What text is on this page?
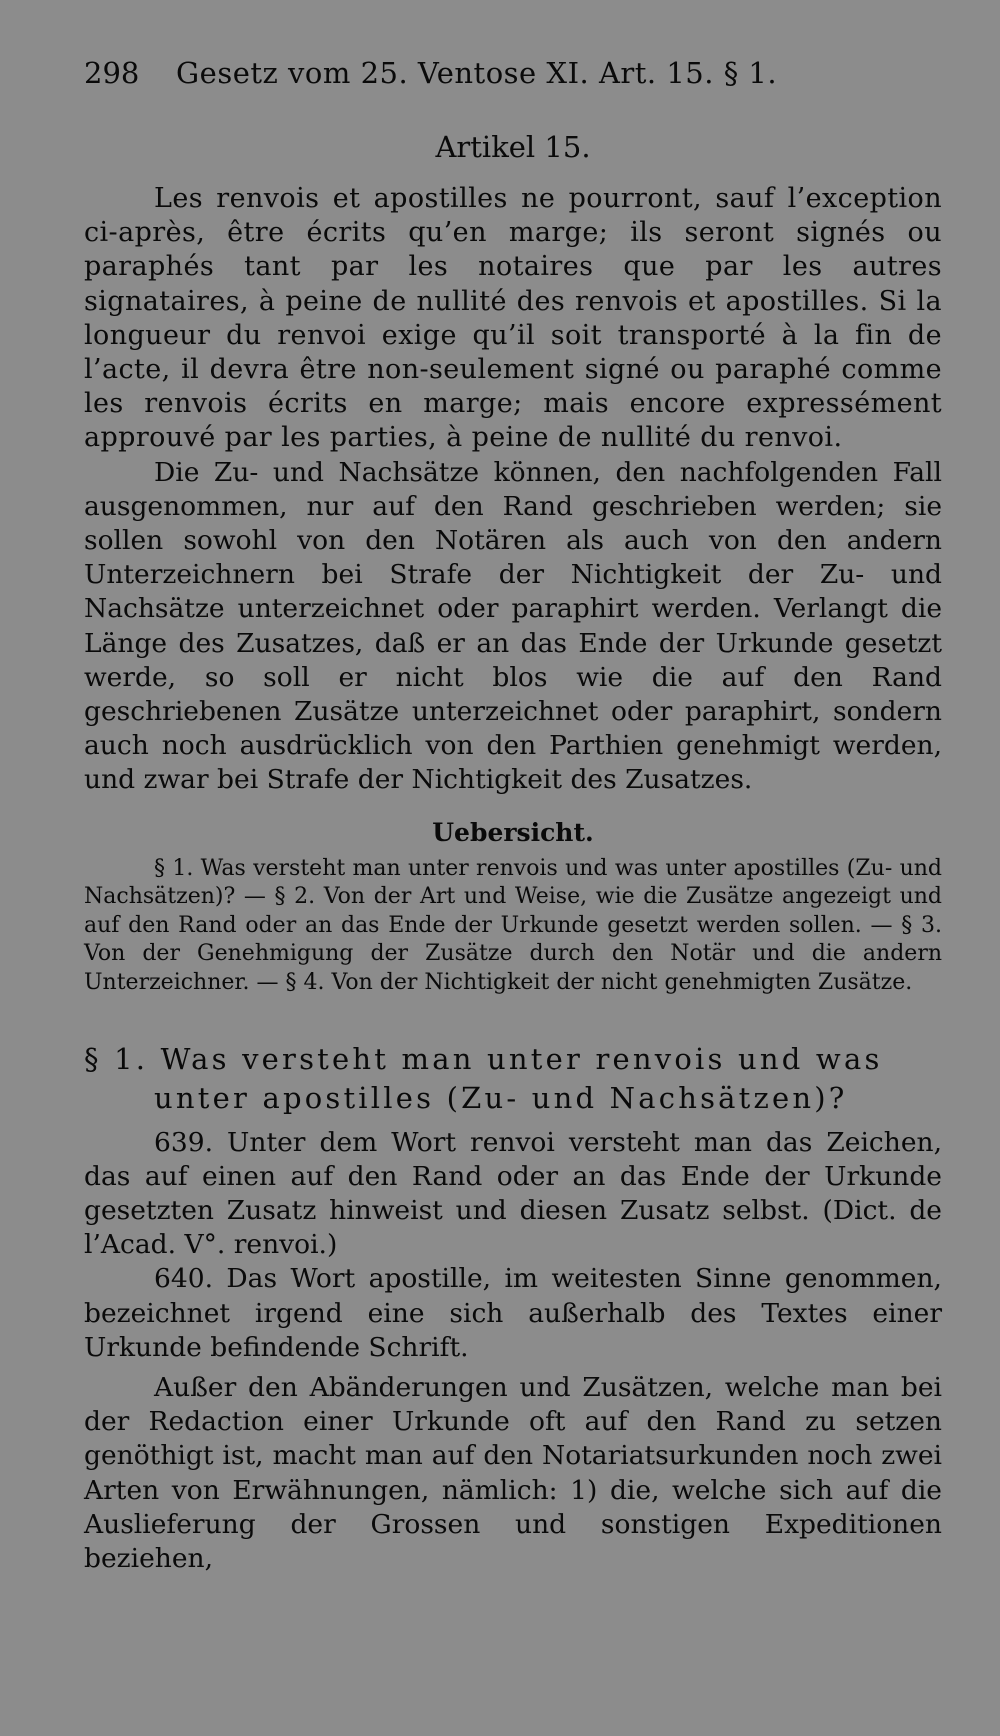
298	Gesetz vom 25. Ventose XI. Art. 15. § 1.
Artikel 15.

Les renvois et apostilles ne pourront, sauf l’exception ci-après, être écrits qu’en marge; ils seront signés ou paraphés tant par les notaires que par les autres signataires, à peine de nullité des renvois et apostilles. Si la longueur du renvoi exige qu’il soit transporté à la fin de l’acte, il devra être non-seulement signé ou paraphé comme les renvois écrits en marge; mais encore expressément approuvé par les parties, à peine de nullité du renvoi.

Die Zu- und Nachsätze können, den nachfolgenden Fall ausgenommen, nur auf den Rand geschrieben werden; sie sollen sowohl von den Notären als auch von den andern Unterzeichnern bei Strafe der Nichtigkeit der Zu- und Nachsätze unterzeichnet oder paraphirt werden. Verlangt die Länge des Zusatzes, daß er an das Ende der Urkunde gesetzt werde, so soll er nicht blos wie die auf den Rand geschriebenen Zusätze unterzeichnet oder paraphirt, sondern auch noch ausdrücklich von den Parthien genehmigt werden, und zwar bei Strafe der Nichtigkeit des Zusatzes.

Uebersicht.

§ 1. Was versteht man unter renvois und was unter apostilles (Zu- und Nachsätzen)? — § 2. Von der Art und Weise, wie die Zusätze angezeigt und auf den Rand oder an das Ende der Urkunde gesetzt werden sollen. — § 3. Von der Genehmigung der Zusätze durch den Notär und die andern Unterzeichner. — § 4. Von der Nichtigkeit der nicht genehmigten Zusätze.

§ 1. Was versteht man unter renvois und was unter apostilles (Zu- und Nachsätzen)?

639. Unter dem Wort renvoi versteht man das Zeichen, das auf einen auf den Rand oder an das Ende der Urkunde gesetzten Zusatz hinweist und diesen Zusatz selbst. (Dict. de l’Acad. V°. renvoi.)

640. Das Wort apostille, im weitesten Sinne genommen, bezeichnet irgend eine sich außerhalb des Textes einer Urkunde befindende Schrift.

Außer den Abänderungen und Zusätzen, welche man bei der Redaction einer Urkunde oft auf den Rand zu setzen genöthigt ist, macht man auf den Notariatsurkunden noch zwei Arten von Erwähnungen, nämlich: 1) die, welche sich auf die Auslieferung der Grossen und sonstigen Expeditionen beziehen,
